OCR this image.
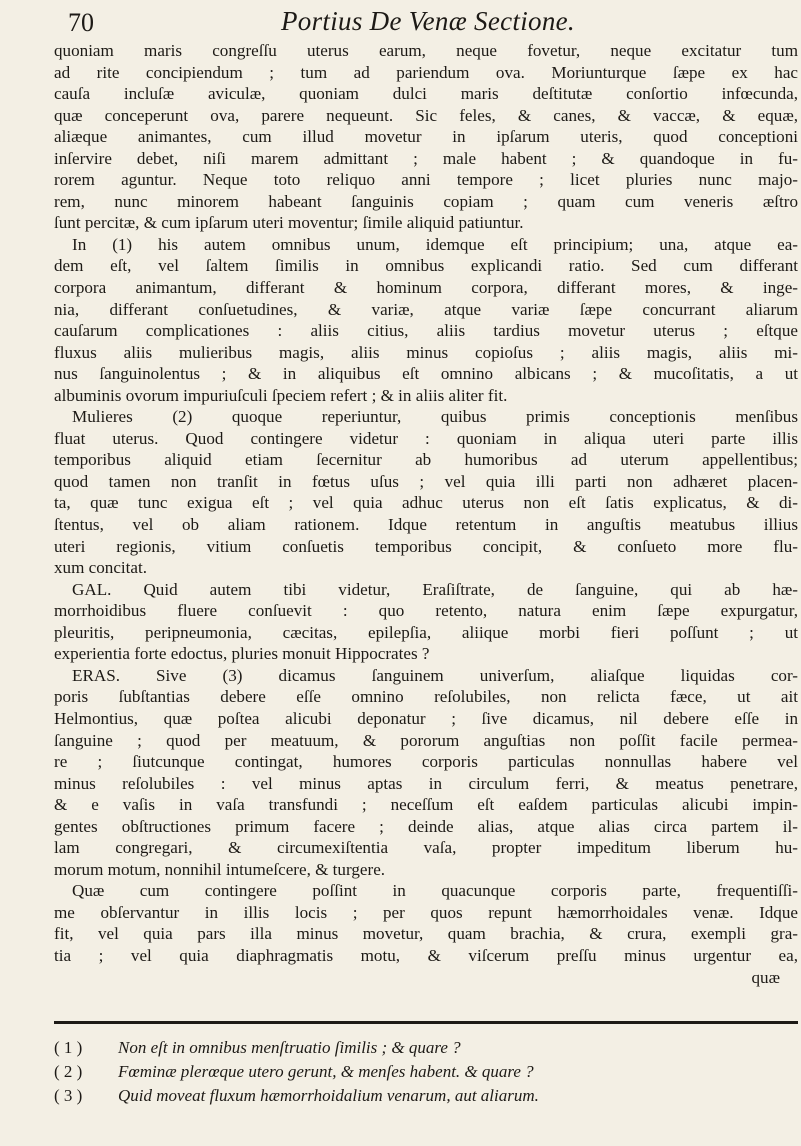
70	Portius De Venæ Sectione.
quoniam maris congreſſu uterus earum, neque fovetur, neque excitatur tum
ad rite concipiendum ; tum ad pariendum ova. Moriunturque ſæpe ex hac
cauſa incluſæ aviculæ, quoniam dulci maris deſtitutæ conſortio infœcunda,
quæ conceperunt ova, parere nequeunt. Sic feles, & canes, & vaccæ, & equæ,
aliæque animantes, cum illud movetur in ipſarum uteris, quod conceptioni
inſervire debet, niſi marem admittant ; male habent ; & quandoque in fu-
rorem aguntur. Neque toto reliquo anni tempore ; licet pluries nunc majo-
rem, nunc minorem habeant ſanguinis copiam ; quam cum veneris æſtro
ſunt percitæ, & cum ipſarum uteri moventur; ſimile aliquid patiuntur.
In (1) his autem omnibus unum, idemque eſt principium; una, atque ea-
dem eſt, vel ſaltem ſimilis in omnibus explicandi ratio. Sed cum differant
corpora animantum, differant & hominum corpora, differant mores, & inge-
nia, differant conſuetudines, & variæ, atque variæ ſæpe concurrant aliarum
cauſarum complicationes : aliis citius, aliis tardius movetur uterus ; eſtque
fluxus aliis mulieribus magis, aliis minus copioſus ; aliis magis, aliis mi-
nus ſanguinolentus ; & in aliquibus eſt omnino albicans ; & mucoſitatis, a ut
albuminis ovorum impuriuſculi ſpeciem refert ; & in aliis aliter fit.
Mulieres (2) quoque reperiuntur, quibus primis conceptionis menſibus
fluat uterus. Quod contingere videtur : quoniam in aliqua uteri parte illis
temporibus aliquid etiam ſecernitur ab humoribus ad uterum appellentibus;
quod tamen non tranſit in fœtus uſus ; vel quia illi parti non adhæret placen-
ta, quæ tunc exigua eſt ; vel quia adhuc uterus non eſt ſatis explicatus, & di-
ſtentus, vel ob aliam rationem. Idque retentum in anguſtis meatubus illius
uteri regionis, vitium conſuetis temporibus concipit, & conſueto more flu-
xum concitat.
GAL. Quid autem tibi videtur, Eraſiſtrate, de ſanguine, qui ab hæ-
morrhoidibus fluere conſuevit : quo retento, natura enim ſæpe expurgatur,
pleuritis, peripneumonia, cæcitas, epilepſia, aliique morbi fieri poſſunt ; ut
experientia forte edoctus, pluries monuit Hippocrates ?
ERAS. Sive (3) dicamus ſanguinem univerſum, aliaſque liquidas cor-
poris ſubſtantias debere eſſe omnino reſolubiles, non relicta fæce, ut ait
Helmontius, quæ poſtea alicubi deponatur ; ſive dicamus, nil debere eſſe in
ſanguine ; quod per meatuum, & pororum anguſtias non poſſit facile permea-
re ; ſiutcunque contingat, humores corporis particulas nonnullas habere vel
minus reſolubiles : vel minus aptas in circulum ferri, & meatus penetrare,
& e vaſis in vaſa transfundi ; neceſſum eſt eaſdem particulas alicubi impin-
gentes obſtructiones primum facere ; deinde alias, atque alias circa partem il-
lam congregari, & circumexiſtentia vaſa, propter impeditum liberum hu-
morum motum, nonnihil intumeſcere, & turgere.
Quæ cum contingere poſſint in quacunque corporis parte, frequentiſſi-
me obſervantur in illis locis ; per quos repunt hæmorrhoidales venæ. Idque
fit, vel quia pars illa minus movetur, quam brachia, & crura, exempli gra-
tia ; vel quia diaphragmatis motu, & viſcerum preſſu minus urgentur ea,
quæ
( 1 ) Non eſt in omnibus menſtruatio ſimilis ; & quare ?
( 2 ) Fœminæ plerœque utero gerunt, & menſes habent. & quare ?
( 3 ) Quid moveat fluxum hæmorrhoidalium venarum, aut aliarum.
